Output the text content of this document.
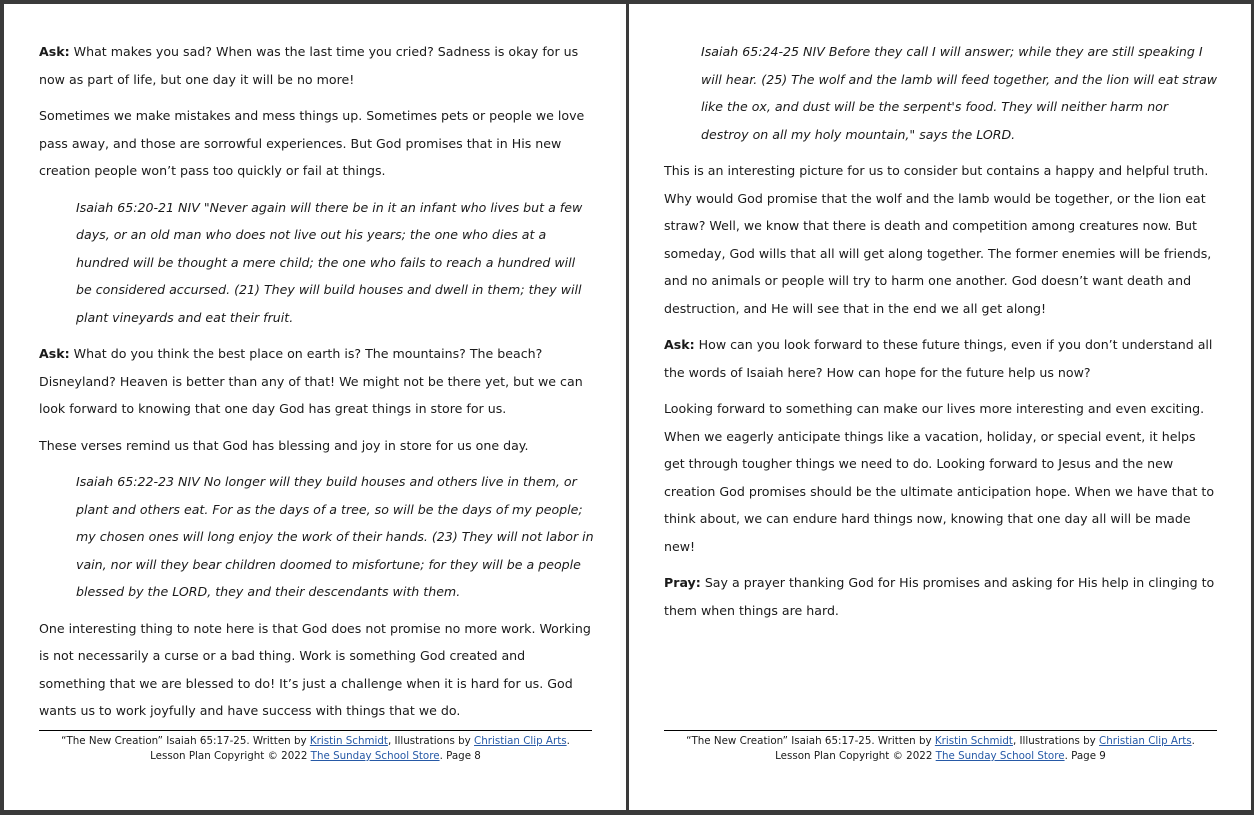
Ask: What makes you sad? When was the last time you cried? Sadness is okay for us now as part of life, but one day it will be no more!

Sometimes we make mistakes and mess things up. Sometimes pets or people we love pass away, and those are sorrowful experiences. But God promises that in His new creation people won’t pass too quickly or fail at things.

Isaiah 65:20-21 NIV "Never again will there be in it an infant who lives but a few days, or an old man who does not live out his years; the one who dies at a hundred will be thought a mere child; the one who fails to reach a hundred will be considered accursed. (21) They will build houses and dwell in them; they will plant vineyards and eat their fruit.

Ask: What do you think the best place on earth is? The mountains? The beach? Disneyland? Heaven is better than any of that! We might not be there yet, but we can look forward to knowing that one day God has great things in store for us.

These verses remind us that God has blessing and joy in store for us one day.

Isaiah 65:22-23 NIV No longer will they build houses and others live in them, or plant and others eat. For as the days of a tree, so will be the days of my people; my chosen ones will long enjoy the work of their hands. (23) They will not labor in vain, nor will they bear children doomed to misfortune; for they will be a people blessed by the LORD, they and their descendants with them.

One interesting thing to note here is that God does not promise no more work. Working is not necessarily a curse or a bad thing. Work is something God created and something that we are blessed to do! It’s just a challenge when it is hard for us. God wants us to work joyfully and have success with things that we do.

“The New Creation” Isaiah 65:17-25. Written by Kristin Schmidt, Illustrations by Christian Clip Arts.
Lesson Plan Copyright © 2022 The Sunday School Store. Page 8

Isaiah 65:24-25 NIV Before they call I will answer; while they are still speaking I will hear. (25) The wolf and the lamb will feed together, and the lion will eat straw like the ox, and dust will be the serpent's food. They will neither harm nor destroy on all my holy mountain," says the LORD.

This is an interesting picture for us to consider but contains a happy and helpful truth. Why would God promise that the wolf and the lamb would be together, or the lion eat straw? Well, we know that there is death and competition among creatures now. But someday, God wills that all will get along together. The former enemies will be friends, and no animals or people will try to harm one another. God doesn’t want death and destruction, and He will see that in the end we all get along!

Ask: How can you look forward to these future things, even if you don’t understand all the words of Isaiah here? How can hope for the future help us now?

Looking forward to something can make our lives more interesting and even exciting. When we eagerly anticipate things like a vacation, holiday, or special event, it helps get through tougher things we need to do. Looking forward to Jesus and the new creation God promises should be the ultimate anticipation hope. When we have that to think about, we can endure hard things now, knowing that one day all will be made new!

Pray: Say a prayer thanking God for His promises and asking for His help in clinging to them when things are hard.

“The New Creation” Isaiah 65:17-25. Written by Kristin Schmidt, Illustrations by Christian Clip Arts.
Lesson Plan Copyright © 2022 The Sunday School Store. Page 9
